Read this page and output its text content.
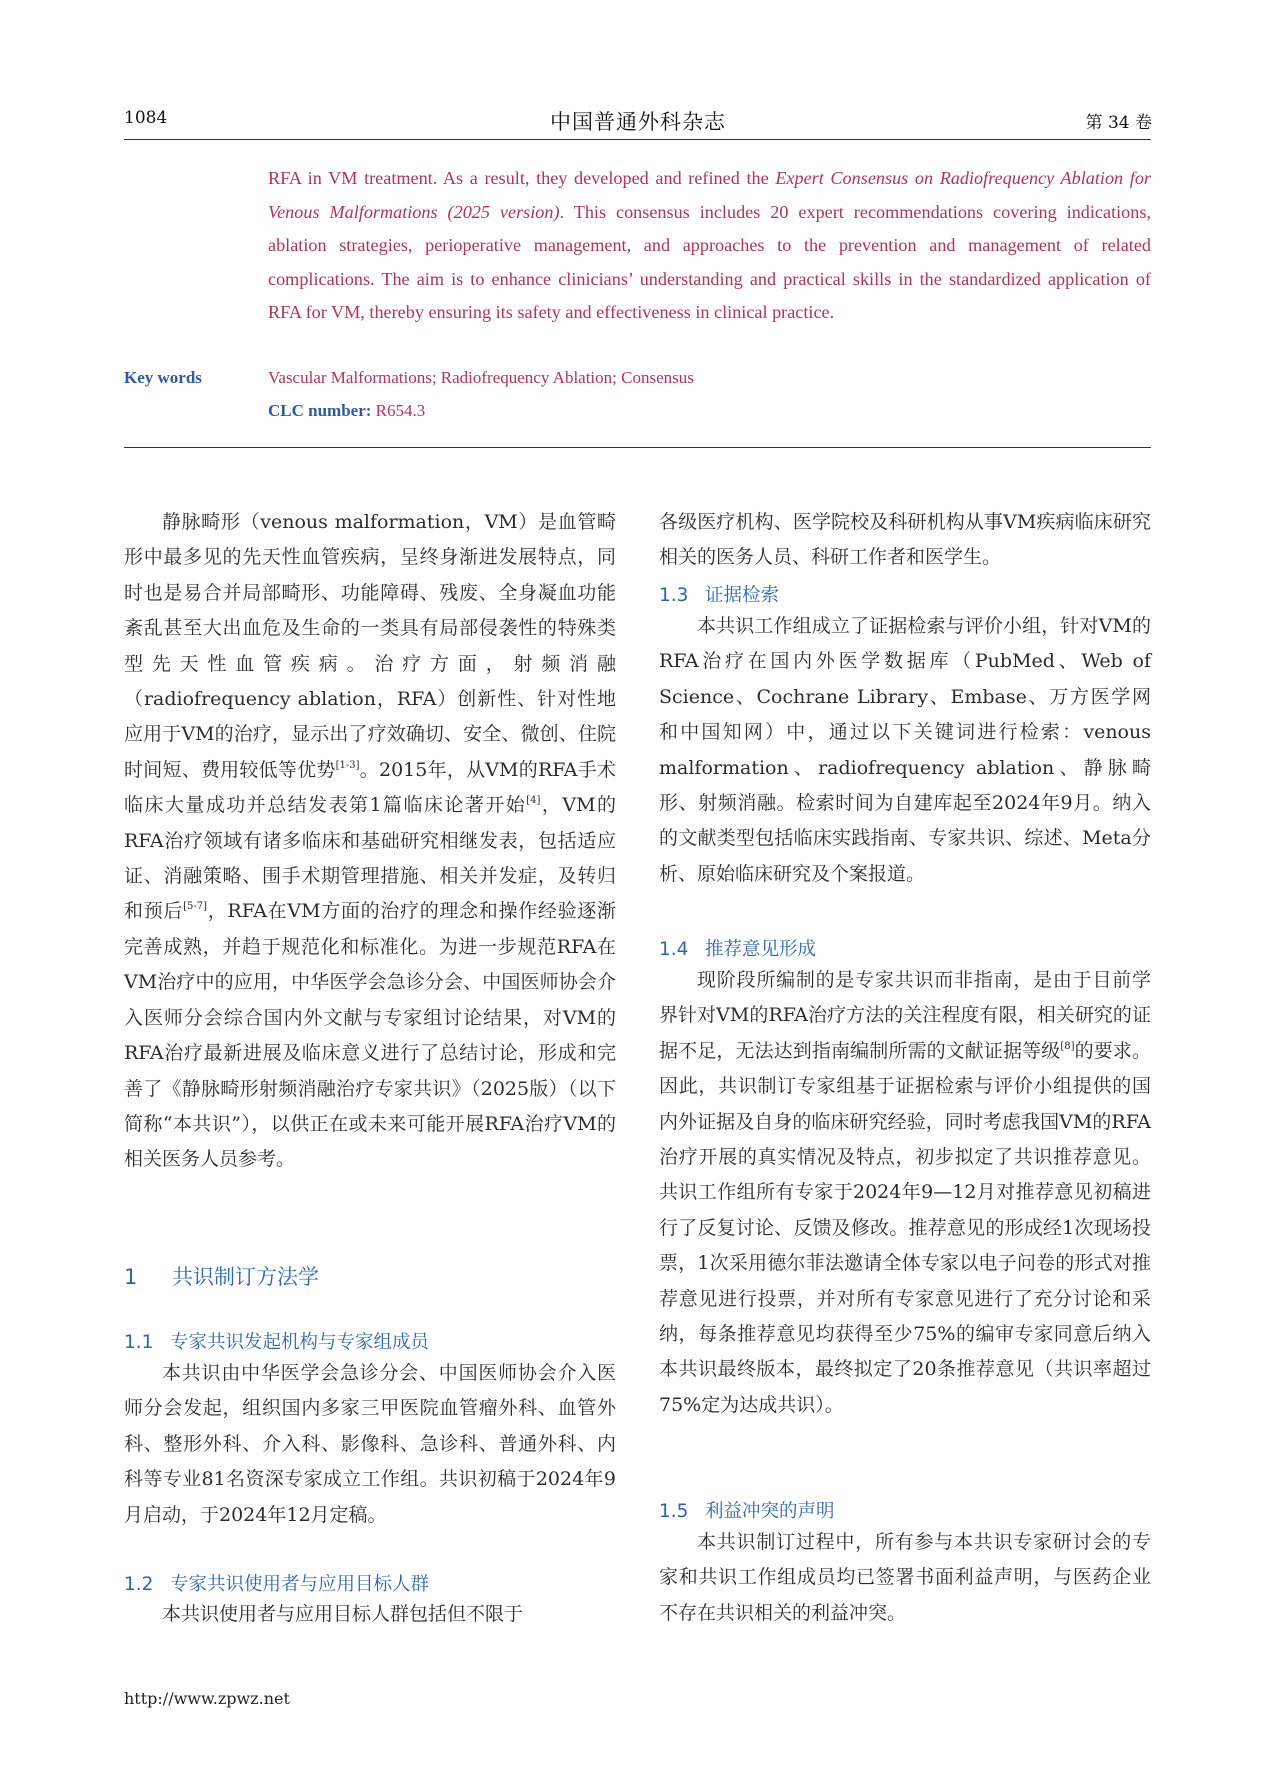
1084	中国普通外科杂志	第 34 卷

RFA in VM treatment. As a result, they developed and refined the Expert Consensus on Radiofrequency Ablation for Venous Malformations (2025 version). This consensus includes 20 expert recommendations covering indications, ablation strategies, perioperative management, and approaches to the prevention and management of related complications. The aim is to enhance clinicians’ understanding and practical skills in the standardized application of RFA for VM, thereby ensuring its safety and effectiveness in clinical practice.

Key words	Vascular Malformations; Radiofrequency Ablation; Consensus
CLC number: R654.3

静脉畸形（venous malformation，VM）是血管畸形中最多见的先天性血管疾病，呈终身渐进发展特点，同时也是易合并局部畸形、功能障碍、残废、全身凝血功能紊乱甚至大出血危及生命的一类具有局部侵袭性的特殊类型先天性血管疾病。治疗方面，射频消融（radiofrequency ablation，RFA）创新性、针对性地应用于VM的治疗，显示出了疗效确切、安全、微创、住院时间短、费用较低等优势[1-3]。2015年，从VM的RFA手术临床大量成功并总结发表第1篇临床论著开始[4]，VM的RFA治疗领域有诸多临床和基础研究相继发表，包括适应证、消融策略、围手术期管理措施、相关并发症，及转归和预后[5-7]，RFA在VM方面的治疗的理念和操作经验逐渐完善成熟，并趋于规范化和标准化。为进一步规范RFA在VM治疗中的应用，中华医学会急诊分会、中国医师协会介入医师分会综合国内外文献与专家组讨论结果，对VM的RFA治疗最新进展及临床意义进行了总结讨论，形成和完善了《静脉畸形射频消融治疗专家共识》（2025版）（以下简称“本共识”），以供正在或未来可能开展RFA治疗VM的相关医务人员参考。

1 共识制订方法学
1.1 专家共识发起机构与专家组成员

本共识由中华医学会急诊分会、中国医师协会介入医师分会发起，组织国内多家三甲医院血管瘤外科、血管外科、整形外科、介入科、影像科、急诊科、普通外科、内科等专业81名资深专家成立工作组。共识初稿于2024年9月启动，于2024年12月定稿。

1.2 专家共识使用者与应用目标人群

本共识使用者与应用目标人群包括但不限于

各级医疗机构、医学院校及科研机构从事VM疾病临床研究相关的医务人员、科研工作者和医学生。

1.3 证据检索

本共识工作组成立了证据检索与评价小组，针对VM的RFA治疗在国内外医学数据库（PubMed、Web of Science、Cochrane Library、Embase、万方医学网和中国知网）中，通过以下关键词进行检索：venous malformation、radiofrequency ablation、静脉畸形、射频消融。检索时间为自建库起至2024年9月。纳入的文献类型包括临床实践指南、专家共识、综述、Meta分析、原始临床研究及个案报道。

1.4 推荐意见形成

现阶段所编制的是专家共识而非指南，是由于目前学界针对VM的RFA治疗方法的关注程度有限，相关研究的证据不足，无法达到指南编制所需的文献证据等级[8]的要求。因此，共识制订专家组基于证据检索与评价小组提供的国内外证据及自身的临床研究经验，同时考虑我国VM的RFA治疗开展的真实情况及特点，初步拟定了共识推荐意见。共识工作组所有专家于2024年9—12月对推荐意见初稿进行了反复讨论、反馈及修改。推荐意见的形成经1次现场投票，1次采用德尔菲法邀请全体专家以电子问卷的形式对推荐意见进行投票，并对所有专家意见进行了充分讨论和采纳，每条推荐意见均获得至少75%的编审专家同意后纳入本共识最终版本，最终拟定了20条推荐意见（共识率超过75%定为达成共识）。

1.5 利益冲突的声明

本共识制订过程中，所有参与本共识专家研讨会的专家和共识工作组成员均已签署书面利益声明，与医药企业不存在共识相关的利益冲突。

http://www.zpwz.net
